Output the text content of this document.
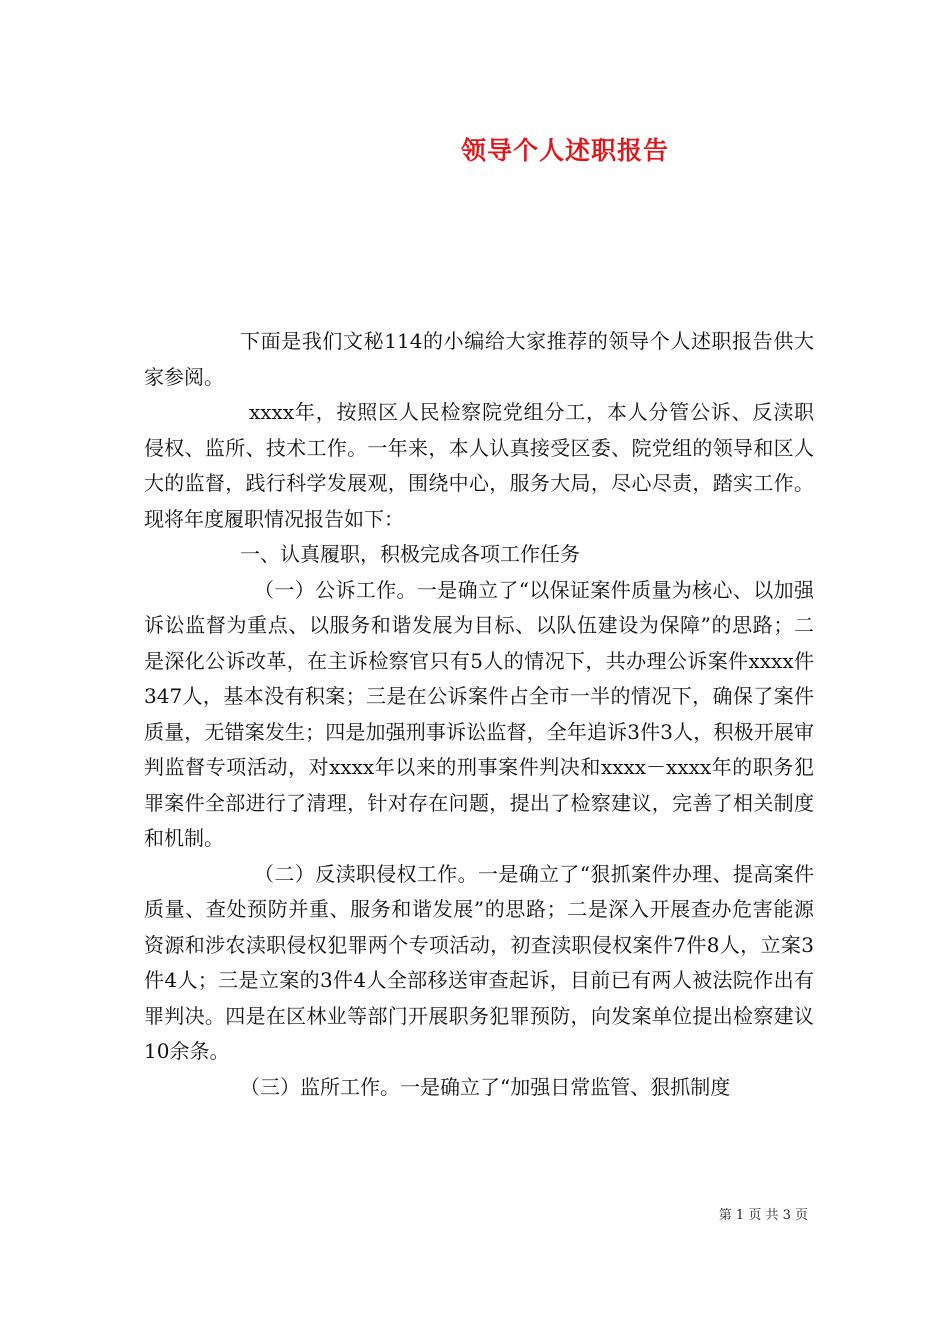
领导个人述职报告

下面是我们文秘114的小编给大家推荐的领导个人述职报告供大家参阅。

xxxx年，按照区人民检察院党组分工，本人分管公诉、反渎职侵权、监所、技术工作。一年来，本人认真接受区委、院党组的领导和区人大的监督，践行科学发展观，围绕中心，服务大局，尽心尽责，踏实工作。现将年度履职情况报告如下：

一、认真履职，积极完成各项工作任务

（一）公诉工作。一是确立了“以保证案件质量为核心、以加强诉讼监督为重点、以服务和谐发展为目标、以队伍建设为保障”的思路；二是深化公诉改革，在主诉检察官只有5人的情况下，共办理公诉案件xxxx件347人，基本没有积案；三是在公诉案件占全市一半的情况下，确保了案件质量，无错案发生；四是加强刑事诉讼监督，全年追诉3件3人，积极开展审判监督专项活动，对xxxx年以来的刑事案件判决和xxxx－xxxx年的职务犯罪案件全部进行了清理，针对存在问题，提出了检察建议，完善了相关制度和机制。

（二）反渎职侵权工作。一是确立了“狠抓案件办理、提高案件质量、查处预防并重、服务和谐发展”的思路；二是深入开展查办危害能源资源和涉农渎职侵权犯罪两个专项活动，初查渎职侵权案件7件8人，立案3件4人；三是立案的3件4人全部移送审查起诉，目前已有两人被法院作出有罪判决。四是在区林业等部门开展职务犯罪预防，向发案单位提出检察建议10余条。

（三）监所工作。一是确立了“加强日常监管、狠抓制度

第 1 页 共 3 页
